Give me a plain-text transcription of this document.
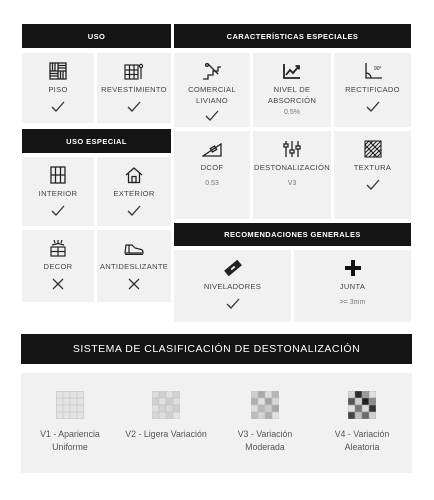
USO
PISO	REVESTIMIENTO
USO ESPECIAL
INTERIOR	EXTERIOR
DECOR	ANTIDESLIZANTE
CARACTERÍSTICAS ESPECIALES
COMERCIAL LIVIANO
NIVEL DE ABSORCIÓN
0.5%
90°
RECTIFICADO
DCOF
0.53
DESTONALIZACIÓN
V3
TEXTURA
RECOMENDACIONES GENERALES
NIVELADORES	JUNTA
>= 3mm
SISTEMA DE CLASIFICACIÓN DE DESTONALIZACIÓN
V1 - Apariencia
Uniforme
V2 - Ligera Variación	V3 - Variación
Moderada
V4 - Variación
Aleatoria
